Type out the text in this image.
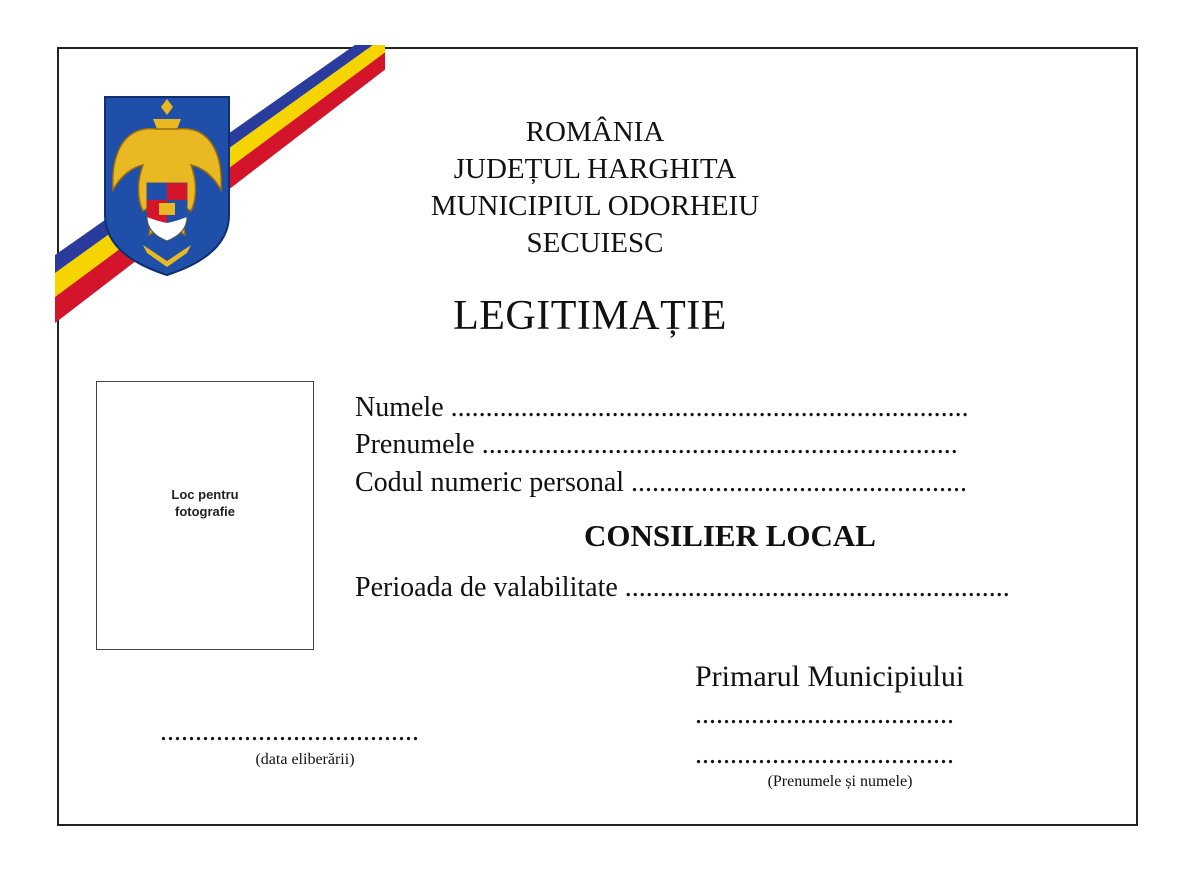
ROMÂNIA
JUDEȚUL HARGHITA
MUNICIPIUL ODORHEIU
SECUIESC
LEGITIMAȚIE
Loc pentru
fotografie
Numele ..........................................................................
Prenumele ....................................................................
Codul numeric personal ................................................
CONSILIER LOCAL
Perioada de valabilitate .......................................................
Primarul Municipiului
.....................................
.....................................
(Prenumele și numele)
.....................................
(data eliberării)
